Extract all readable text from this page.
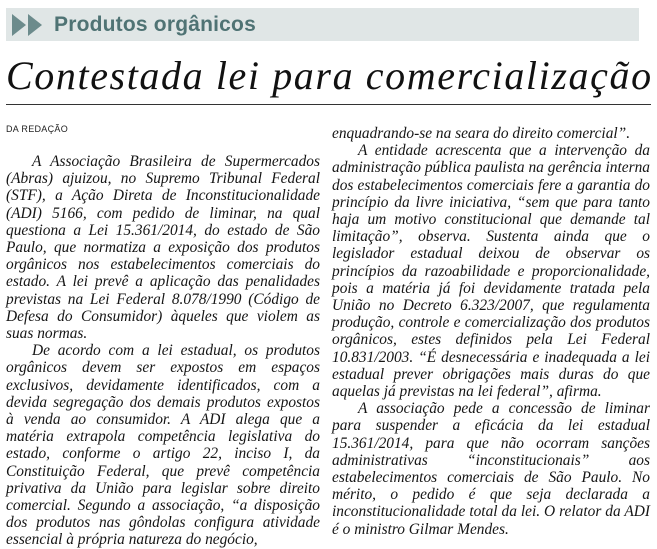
Produtos orgânicos
Contestada lei para comercialização
DA REDAÇÃO

A Associação Brasileira de Supermercados (Abras) ajuizou, no Supremo Tribunal Federal (STF), a Ação Direta de Inconstitucionalidade (ADI) 5166, com pedido de liminar, na qual questiona a Lei 15.361/2014, do estado de São Paulo, que normatiza a exposição dos produtos orgânicos nos estabelecimentos comerciais do estado. A lei prevê a aplicação das penalidades previstas na Lei Federal 8.078/1990 (Código de Defesa do Consumidor) àqueles que violem as suas normas.

De acordo com a lei estadual, os produtos orgânicos devem ser expostos em espaços exclusivos, devidamente identificados, com a devida segregação dos demais produtos expostos à venda ao consumidor. A ADI alega que a matéria extrapola competência legislativa do estado, conforme o artigo 22, inciso I, da Constituição Federal, que prevê competência privativa da União para legislar sobre direito comercial. Segundo a associação, “a disposição dos produtos nas gôndolas configura atividade essencial à própria natureza do negócio,

enquadrando-se na seara do direito comercial”.

A entidade acrescenta que a intervenção da administração pública paulista na gerência interna dos estabelecimentos comerciais fere a garantia do princípio da livre iniciativa, “sem que para tanto haja um motivo constitucional que demande tal limitação”, observa. Sustenta ainda que o legislador estadual deixou de observar os princípios da razoabilidade e proporcionalidade, pois a matéria já foi devidamente tratada pela União no Decreto 6.323/2007, que regulamenta produção, controle e comercialização dos produtos orgânicos, estes definidos pela Lei Federal 10.831/2003. “É desnecessária e inadequada a lei estadual prever obrigações mais duras do que aquelas já previstas na lei federal”, afirma.

A associação pede a concessão de liminar para suspender a eficácia da lei estadual 15.361/2014, para que não ocorram sanções administrativas “inconstitucionais” aos estabelecimentos comerciais de São Paulo. No mérito, o pedido é que seja declarada a inconstitucionalidade total da lei. O relator da ADI é o ministro Gilmar Mendes.
